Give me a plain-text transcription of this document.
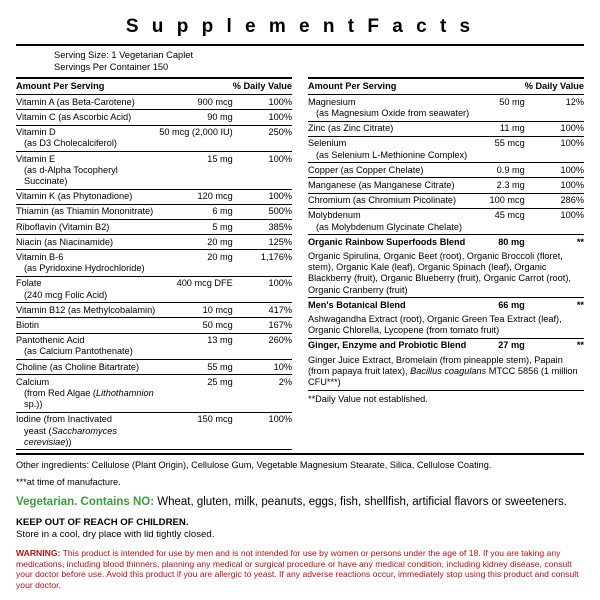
S u p p l e m e n t F a c t s
Serving Size: 1 Vegetarian Caplet
Servings Per Container 150
Amount Per Serving		% Daily Value
Vitamin A (as Beta-Carotene)	900 mcg	100%
Vitamin C (as Ascorbic Acid)	90 mg	100%
Vitamin D
(as D3 Cholecalciferol)	50 mcg (2,000 IU)	250%
Vitamin E
(as d-Alpha Tocopheryl Succinate)	15 mg	100%
Vitamin K (as Phytonadione)	120 mcg	100%
Thiamin (as Thiamin Mononitrate)	6 mg	500%
Riboflavin (Vitamin B2)	5 mg	385%
Niacin (as Niacinamide)	20 mg	125%
Vitamin B-6
(as Pyridoxine Hydrochloride)	20 mg	1,176%
Folate
(240 mcg Folic Acid)	400 mcg DFE	100%
Vitamin B12 (as Methylcobalamin)	10 mcg	417%
Biotin	50 mcg	167%
Pantothenic Acid
(as Calcium Pantothenate)	13 mg	260%
Choline (as Choline Bitartrate)	55 mg	10%
Calcium
(from Red Algae (Lithothamnion sp.))	25 mg	2%
Iodine (from Inactivated
yeast (Saccharomyces cerevisiae))	150 mcg	100%
Amount Per Serving		% Daily Value
Magnesium
(as Magnesium Oxide from seawater)	50 mg	12%
Zinc (as Zinc Citrate)	11 mg	100%
Selenium
(as Selenium L-Methionine Complex)	55 mcg	100%
Copper (as Copper Chelate)	0.9 mg	100%
Manganese (as Manganese Citrate)	2.3 mg	100%
Chromium (as Chromium Picolinate)	100 mcg	286%
Molybdenum
(as Molybdenum Glycinate Chelate)	45 mcg	100%
Organic Rainbow Superfoods Blend	80 mg	**
Organic Spirulina, Organic Beet (root), Organic Broccoli (floret, stem), Organic Kale (leaf), Organic Spinach (leaf), Organic Blackberry (fruit), Organic Blueberry (fruit), Organic Carrot (root), Organic Cranberry (fruit)		
Men's Botanical Blend	66 mg	**
Ashwagandha Extract (root), Organic Green Tea Extract (leaf), Organic Chlorella, Lycopene (from tomato fruit)		
Ginger, Enzyme and Probiotic Blend	27 mg	**
Ginger Juice Extract, Bromelain (from pineapple stem), Papain (from papaya fruit latex), Bacillus coagulans MTCC 5856 (1 million CFU***)		
**Daily Value not established.
Other ingredients: Cellulose (Plant Origin), Cellulose Gum, Vegetable Magnesium Stearate, Silica, Cellulose Coating.
***at time of manufacture.
Vegetarian. Contains NO: Wheat, gluten, milk, peanuts, eggs, fish, shellfish, artificial flavors or sweeteners.
KEEP OUT OF REACH OF CHILDREN.
Store in a cool, dry place with lid tightly closed.
WARNING: This product is intended for use by men and is not intended for use by women or persons under the age of 18. If you are taking any medications, including blood thinners, planning any medical or surgical procedure or have any medical condition, including kidney disease, consult your doctor before use. Avoid this product if you are allergic to yeast. If any adverse reactions occur, immediately stop using this product and consult your doctor.
